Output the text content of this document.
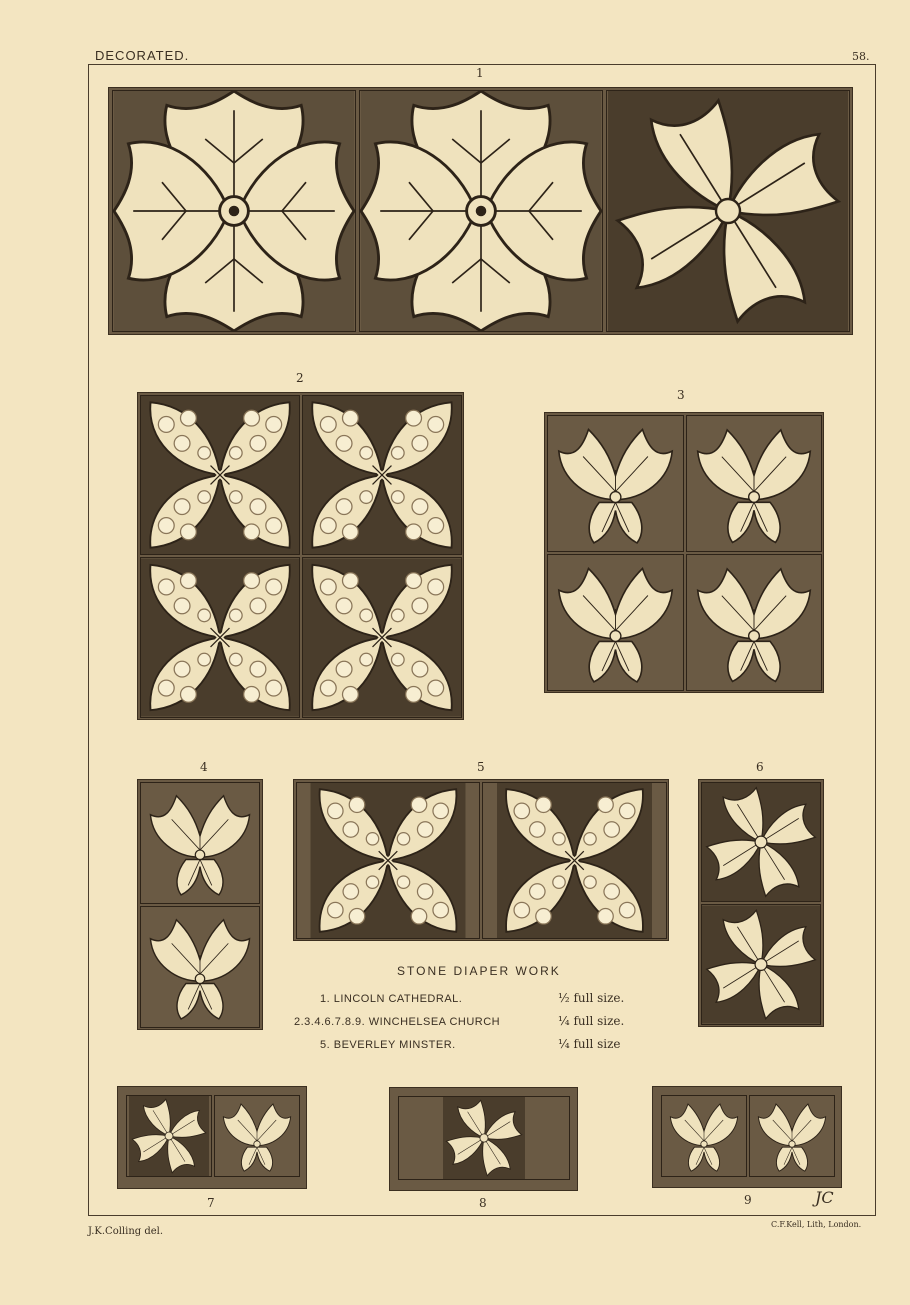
DECORATED.	58.
1
2
3
4	5	6
STONE DIAPER WORK
1. LINCOLN CATHEDRAL.	½ full size.
2.3.4.6.7.8.9. WINCHELSEA CHURCH	¼ full size.
5. BEVERLEY MINSTER.	¼ full size
7	8	9	JC
J.K.Colling del.
C.F.Kell, Lith, London.
